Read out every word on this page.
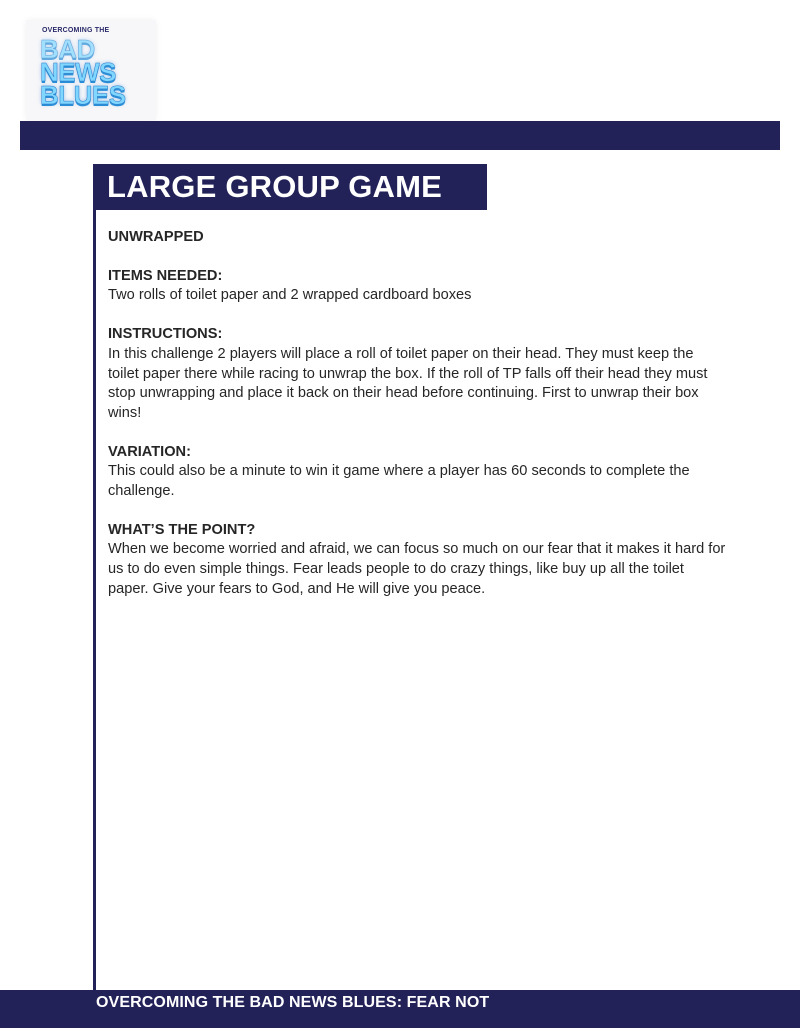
OVERCOMING THE
BAD
NEWS
BLUES
LARGE GROUP GAME

UNWRAPPED

ITEMS NEEDED:

Two rolls of toilet paper and 2 wrapped cardboard boxes

INSTRUCTIONS:

In this challenge 2 players will place a roll of toilet paper on their head. They must keep the toilet paper there while racing to unwrap the box. If the roll of TP falls off their head they must stop unwrapping and place it back on their head before continuing. First to unwrap their box wins!

VARIATION:

This could also be a minute to win it game where a player has 60 seconds to complete the challenge.

WHAT’S THE POINT?

When we become worried and afraid, we can focus so much on our fear that it makes it hard for us to do even simple things. Fear leads people to do crazy things, like buy up all the toilet paper. Give your fears to God, and He will give you peace.

OVERCOMING THE BAD NEWS BLUES: FEAR NOT
